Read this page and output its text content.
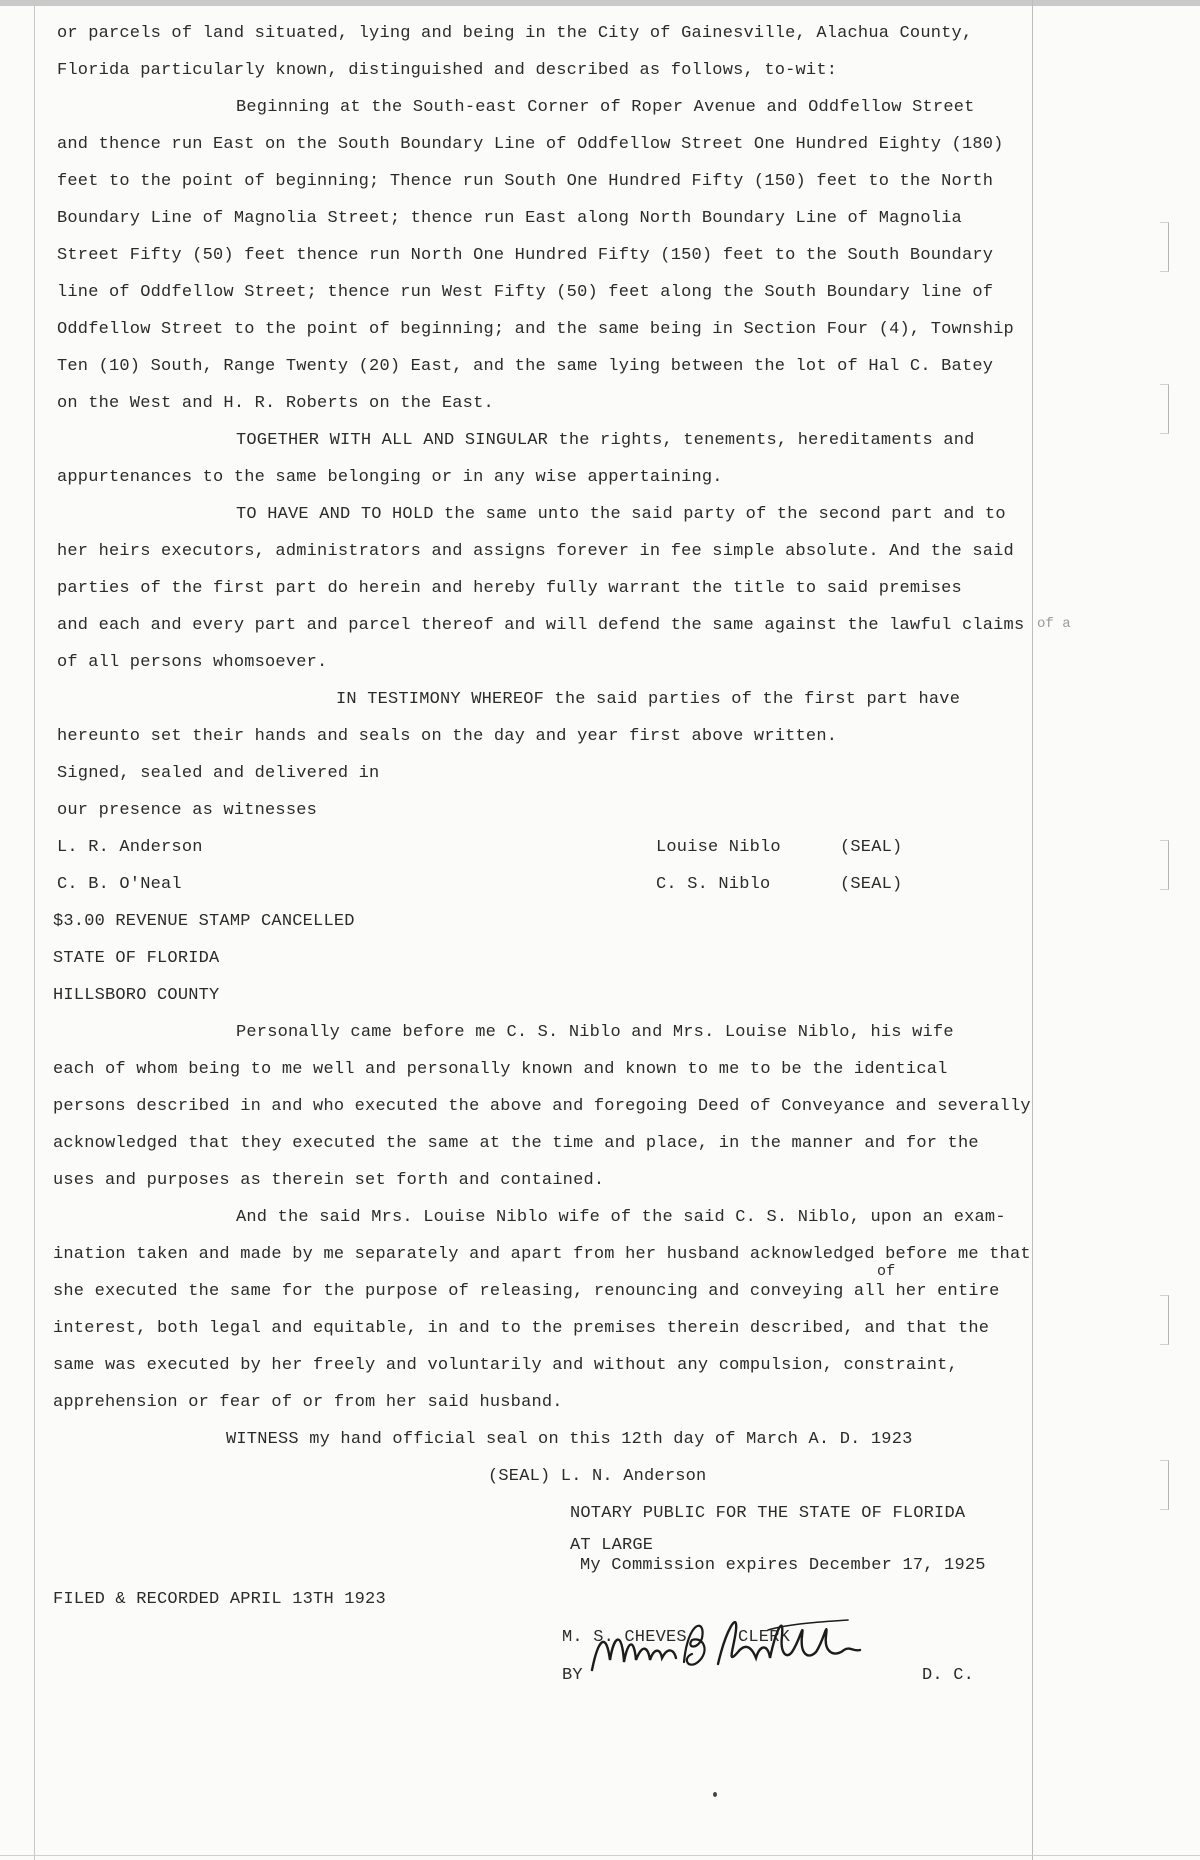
or parcels of land situated, lying and being in the City of Gainesville, Alachua County,
Florida particularly known, distinguished and described as follows, to-wit:
Beginning at the South-east Corner of Roper Avenue and Oddfellow Street
and thence run East on the South Boundary Line of Oddfellow Street One Hundred Eighty (180)
feet to the point of beginning; Thence run South One Hundred Fifty (150) feet to the North
Boundary Line of Magnolia Street; thence run East along North Boundary Line of Magnolia
Street Fifty (50) feet thence run North One Hundred Fifty (150) feet to the South Boundary
line of Oddfellow Street; thence run West Fifty (50) feet along the South Boundary line of
Oddfellow Street to the point of beginning; and the same being in Section Four (4), Township
Ten (10) South, Range Twenty (20) East, and the same lying between the lot of Hal C. Batey
on the West and H. R. Roberts on the East.
TOGETHER WITH ALL AND SINGULAR the rights, tenements, hereditaments and
appurtenances to the same belonging or in any wise appertaining.
TO HAVE AND TO HOLD the same unto the said party of the second part and to
her heirs executors, administrators and assigns forever in fee simple absolute. And the said
parties of the first part do herein and hereby fully warrant the title to said premises
and each and every part and parcel thereof and will defend the same against the lawful claims
of all persons whomsoever.
of a
IN TESTIMONY WHEREOF the said parties of the first part have
hereunto set their hands and seals on the day and year first above written.
Signed, sealed and delivered in
our presence as witnesses
L. R. Anderson	Louise Niblo	(SEAL)
C. B. O'Neal	C. S. Niblo	(SEAL)
$3.00 REVENUE STAMP CANCELLED
STATE OF FLORIDA
HILLSBORO COUNTY
Personally came before me C. S. Niblo and Mrs. Louise Niblo, his wife
each of whom being to me well and personally known and known to me to be the identical
persons described in and who executed the above and foregoing Deed of Conveyance and severally
acknowledged that they executed the same at the time and place, in the manner and for the
uses and purposes as therein set forth and contained.
And the said Mrs. Louise Niblo wife of the said C. S. Niblo, upon an exam-
ination taken and made by me separately and apart from her husband acknowledged before me that
of
she executed the same for the purpose of releasing, renouncing and conveying all her entire
interest, both legal and equitable, in and to the premises therein described, and that the
same was executed by her freely and voluntarily and without any compulsion, constraint,
apprehension or fear of or from her said husband.
WITNESS my hand official seal on this 12th day of March A. D. 1923
(SEAL) L. N. Anderson
NOTARY PUBLIC FOR THE STATE OF FLORIDA
AT LARGE
My Commission expires December 17, 1925
FILED & RECORDED APRIL 13TH 1923
M. S. CHEVES	CLERK
BY	D. C.
